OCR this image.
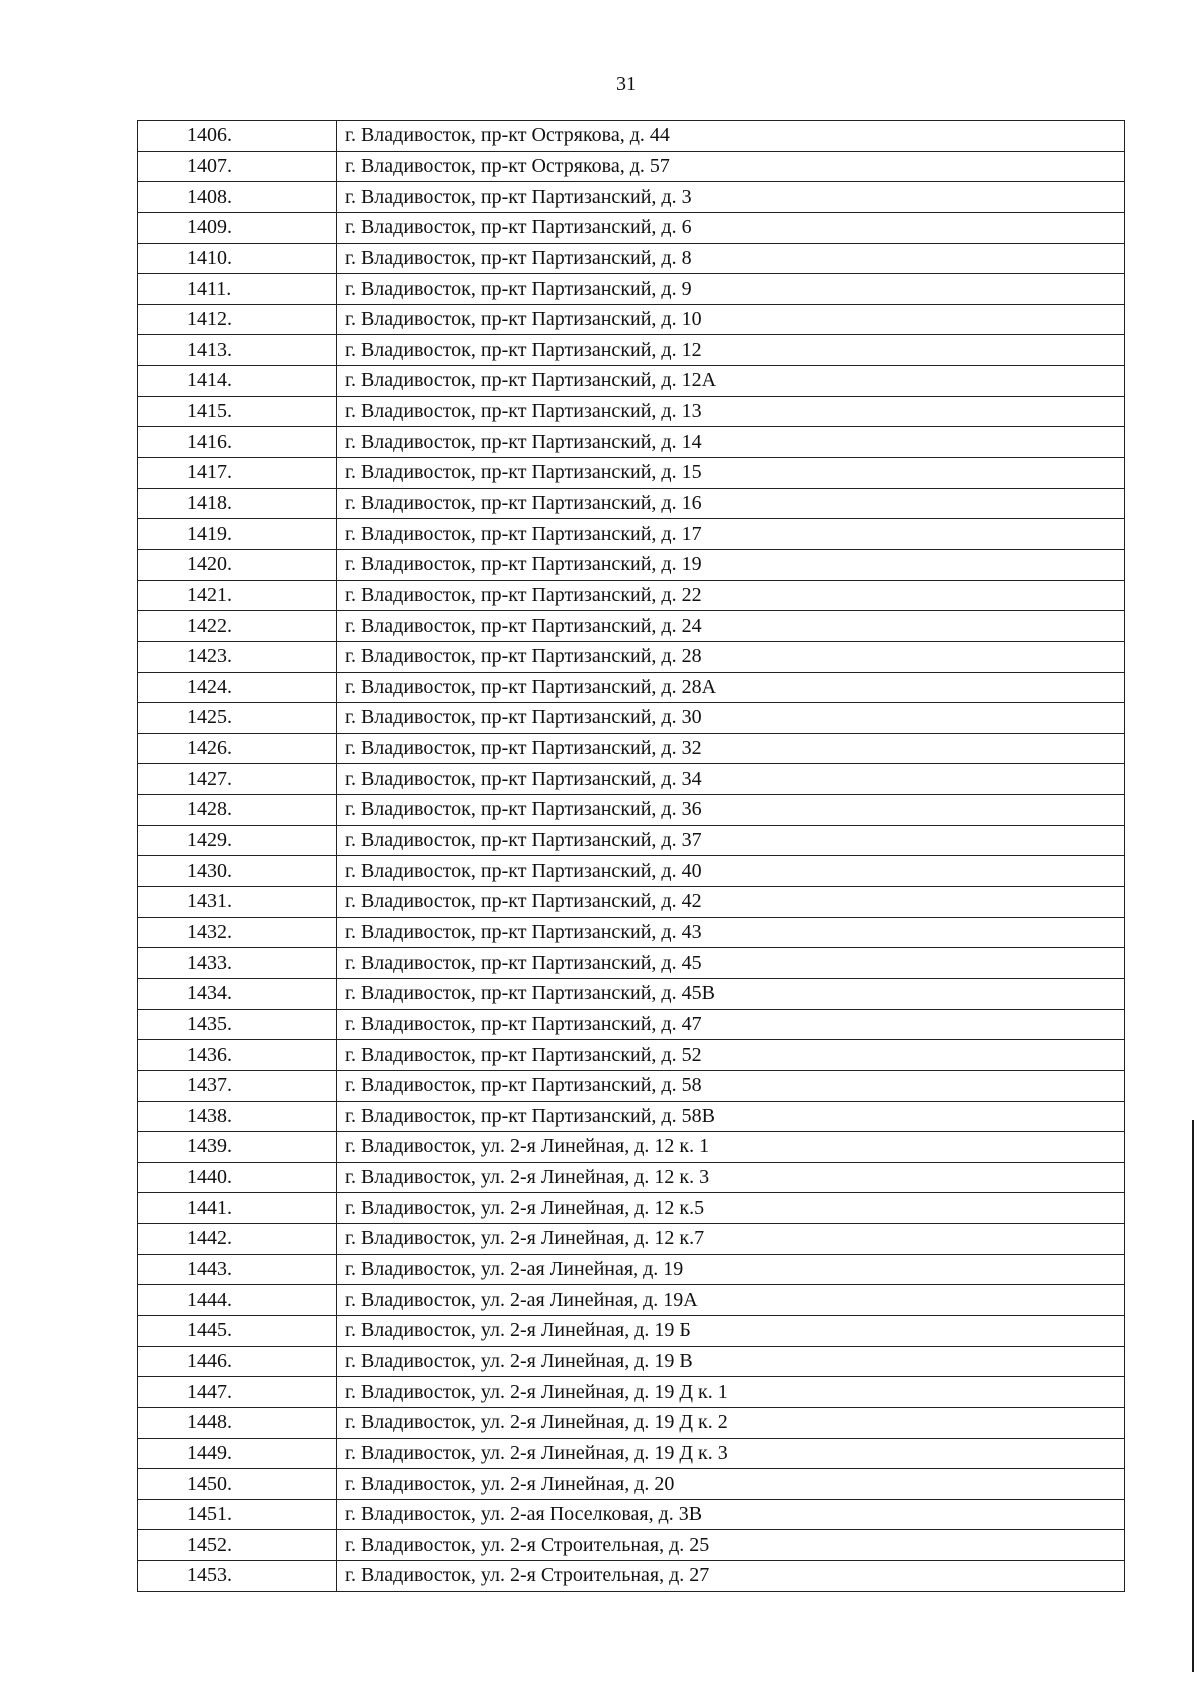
31
1406.	г. Владивосток, пр-кт Острякова, д. 44
1407.	г. Владивосток, пр-кт Острякова, д. 57
1408.	г. Владивосток, пр-кт Партизанский, д. 3
1409.	г. Владивосток, пр-кт Партизанский, д. 6
1410.	г. Владивосток, пр-кт Партизанский, д. 8
1411.	г. Владивосток, пр-кт Партизанский, д. 9
1412.	г. Владивосток, пр-кт Партизанский, д. 10
1413.	г. Владивосток, пр-кт Партизанский, д. 12
1414.	г. Владивосток, пр-кт Партизанский, д. 12А
1415.	г. Владивосток, пр-кт Партизанский, д. 13
1416.	г. Владивосток, пр-кт Партизанский, д. 14
1417.	г. Владивосток, пр-кт Партизанский, д. 15
1418.	г. Владивосток, пр-кт Партизанский, д. 16
1419.	г. Владивосток, пр-кт Партизанский, д. 17
1420.	г. Владивосток, пр-кт Партизанский, д. 19
1421.	г. Владивосток, пр-кт Партизанский, д. 22
1422.	г. Владивосток, пр-кт Партизанский, д. 24
1423.	г. Владивосток, пр-кт Партизанский, д. 28
1424.	г. Владивосток, пр-кт Партизанский, д. 28А
1425.	г. Владивосток, пр-кт Партизанский, д. 30
1426.	г. Владивосток, пр-кт Партизанский, д. 32
1427.	г. Владивосток, пр-кт Партизанский, д. 34
1428.	г. Владивосток, пр-кт Партизанский, д. 36
1429.	г. Владивосток, пр-кт Партизанский, д. 37
1430.	г. Владивосток, пр-кт Партизанский, д. 40
1431.	г. Владивосток, пр-кт Партизанский, д. 42
1432.	г. Владивосток, пр-кт Партизанский, д. 43
1433.	г. Владивосток, пр-кт Партизанский, д. 45
1434.	г. Владивосток, пр-кт Партизанский, д. 45В
1435.	г. Владивосток, пр-кт Партизанский, д. 47
1436.	г. Владивосток, пр-кт Партизанский, д. 52
1437.	г. Владивосток, пр-кт Партизанский, д. 58
1438.	г. Владивосток, пр-кт Партизанский, д. 58В
1439.	г. Владивосток, ул. 2-я Линейная, д. 12 к. 1
1440.	г. Владивосток, ул. 2-я Линейная, д. 12 к. 3
1441.	г. Владивосток, ул. 2-я Линейная, д. 12 к.5
1442.	г. Владивосток, ул. 2-я Линейная, д. 12 к.7
1443.	г. Владивосток, ул. 2-ая Линейная, д. 19
1444.	г. Владивосток, ул. 2-ая Линейная, д. 19А
1445.	г. Владивосток, ул. 2-я Линейная, д. 19 Б
1446.	г. Владивосток, ул. 2-я Линейная, д. 19 В
1447.	г. Владивосток, ул. 2-я Линейная, д. 19 Д к. 1
1448.	г. Владивосток, ул. 2-я Линейная, д. 19 Д к. 2
1449.	г. Владивосток, ул. 2-я Линейная, д. 19 Д к. 3
1450.	г. Владивосток, ул. 2-я Линейная, д. 20
1451.	г. Владивосток, ул. 2-ая Поселковая, д. 3В
1452.	г. Владивосток, ул. 2-я Строительная, д. 25
1453.	г. Владивосток, ул. 2-я Строительная, д. 27
